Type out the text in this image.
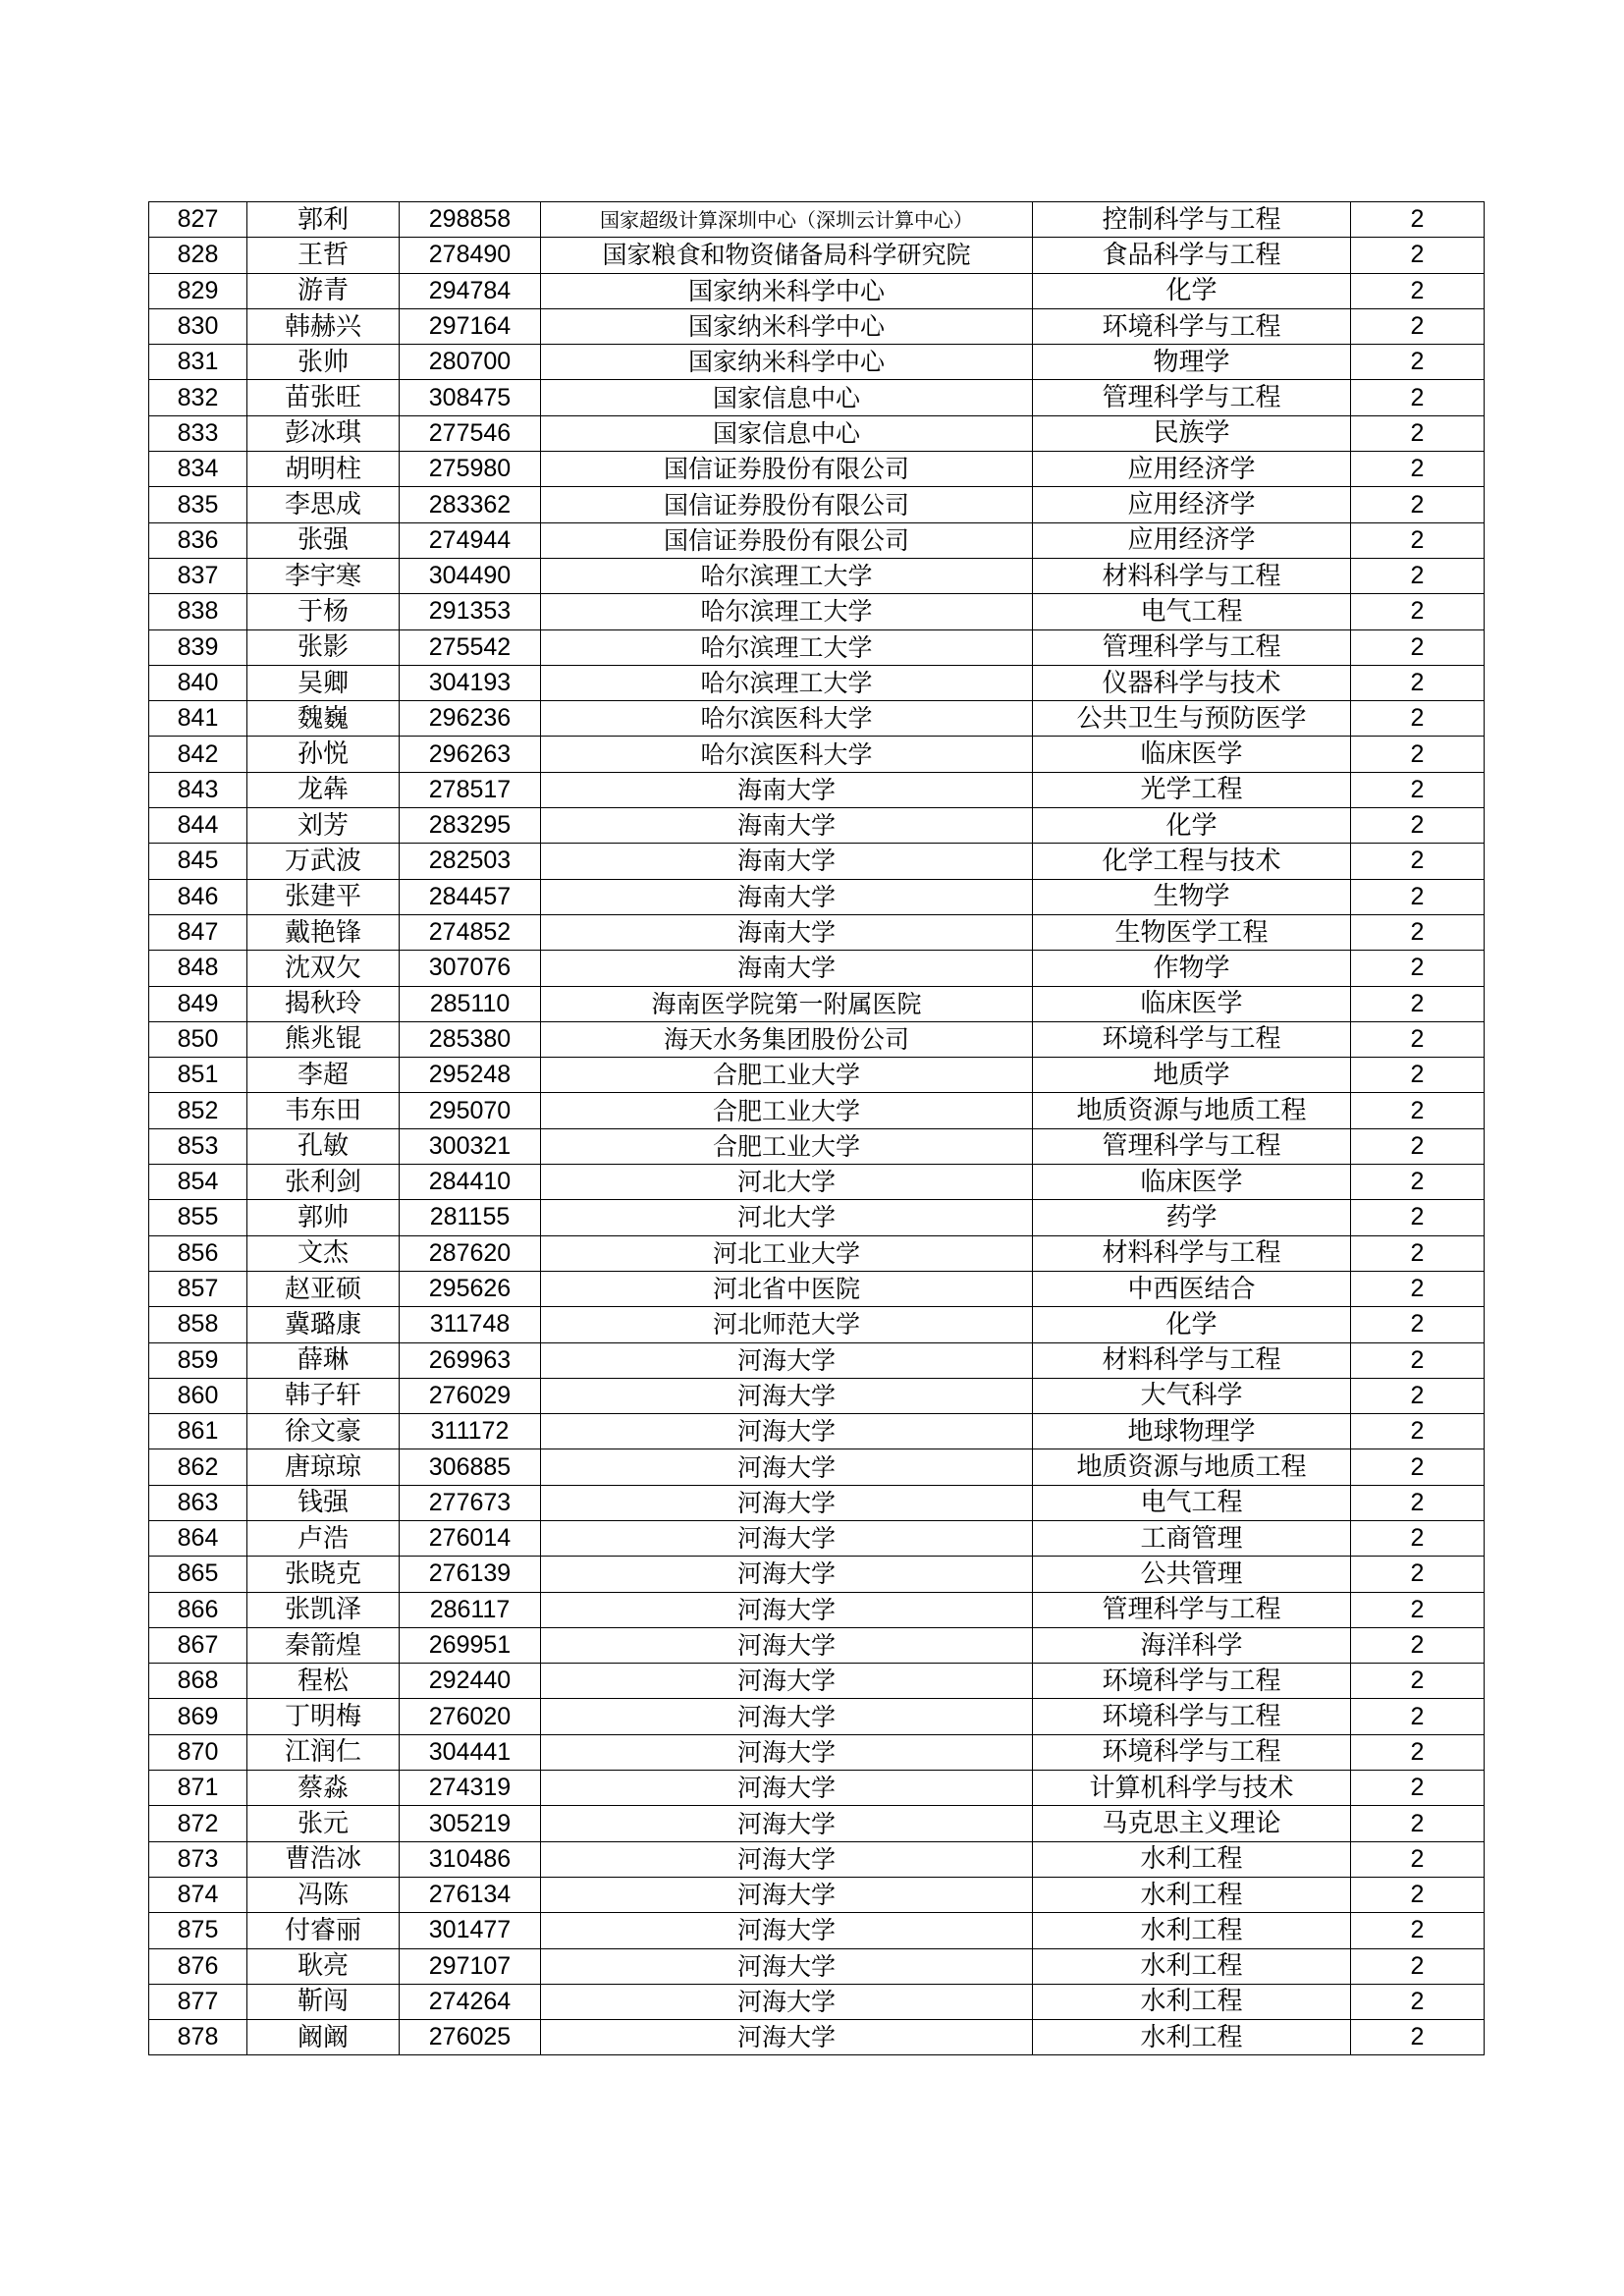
827	郭利	298858	国家超级计算深圳中心（深圳云计算中心）	控制科学与工程	2
828	王哲	278490	国家粮食和物资储备局科学研究院	食品科学与工程	2
829	游青	294784	国家纳米科学中心	化学	2
830	韩赫兴	297164	国家纳米科学中心	环境科学与工程	2
831	张帅	280700	国家纳米科学中心	物理学	2
832	苗张旺	308475	国家信息中心	管理科学与工程	2
833	彭冰琪	277546	国家信息中心	民族学	2
834	胡明柱	275980	国信证券股份有限公司	应用经济学	2
835	李思成	283362	国信证券股份有限公司	应用经济学	2
836	张强	274944	国信证券股份有限公司	应用经济学	2
837	李宇寒	304490	哈尔滨理工大学	材料科学与工程	2
838	于杨	291353	哈尔滨理工大学	电气工程	2
839	张影	275542	哈尔滨理工大学	管理科学与工程	2
840	吴卿	304193	哈尔滨理工大学	仪器科学与技术	2
841	魏巍	296236	哈尔滨医科大学	公共卫生与预防医学	2
842	孙悦	296263	哈尔滨医科大学	临床医学	2
843	龙犇	278517	海南大学	光学工程	2
844	刘芳	283295	海南大学	化学	2
845	万武波	282503	海南大学	化学工程与技术	2
846	张建平	284457	海南大学	生物学	2
847	戴艳锋	274852	海南大学	生物医学工程	2
848	沈双欠	307076	海南大学	作物学	2
849	揭秋玲	285110	海南医学院第一附属医院	临床医学	2
850	熊兆锟	285380	海天水务集团股份公司	环境科学与工程	2
851	李超	295248	合肥工业大学	地质学	2
852	韦东田	295070	合肥工业大学	地质资源与地质工程	2
853	孔敏	300321	合肥工业大学	管理科学与工程	2
854	张利剑	284410	河北大学	临床医学	2
855	郭帅	281155	河北大学	药学	2
856	文杰	287620	河北工业大学	材料科学与工程	2
857	赵亚硕	295626	河北省中医院	中西医结合	2
858	冀璐康	311748	河北师范大学	化学	2
859	薛琳	269963	河海大学	材料科学与工程	2
860	韩子轩	276029	河海大学	大气科学	2
861	徐文豪	311172	河海大学	地球物理学	2
862	唐琼琼	306885	河海大学	地质资源与地质工程	2
863	钱强	277673	河海大学	电气工程	2
864	卢浩	276014	河海大学	工商管理	2
865	张晓克	276139	河海大学	公共管理	2
866	张凯泽	286117	河海大学	管理科学与工程	2
867	秦箭煌	269951	河海大学	海洋科学	2
868	程松	292440	河海大学	环境科学与工程	2
869	丁明梅	276020	河海大学	环境科学与工程	2
870	江润仁	304441	河海大学	环境科学与工程	2
871	蔡淼	274319	河海大学	计算机科学与技术	2
872	张元	305219	河海大学	马克思主义理论	2
873	曹浩冰	310486	河海大学	水利工程	2
874	冯陈	276134	河海大学	水利工程	2
875	付睿丽	301477	河海大学	水利工程	2
876	耿亮	297107	河海大学	水利工程	2
877	靳闯	274264	河海大学	水利工程	2
878	阚阚	276025	河海大学	水利工程	2
